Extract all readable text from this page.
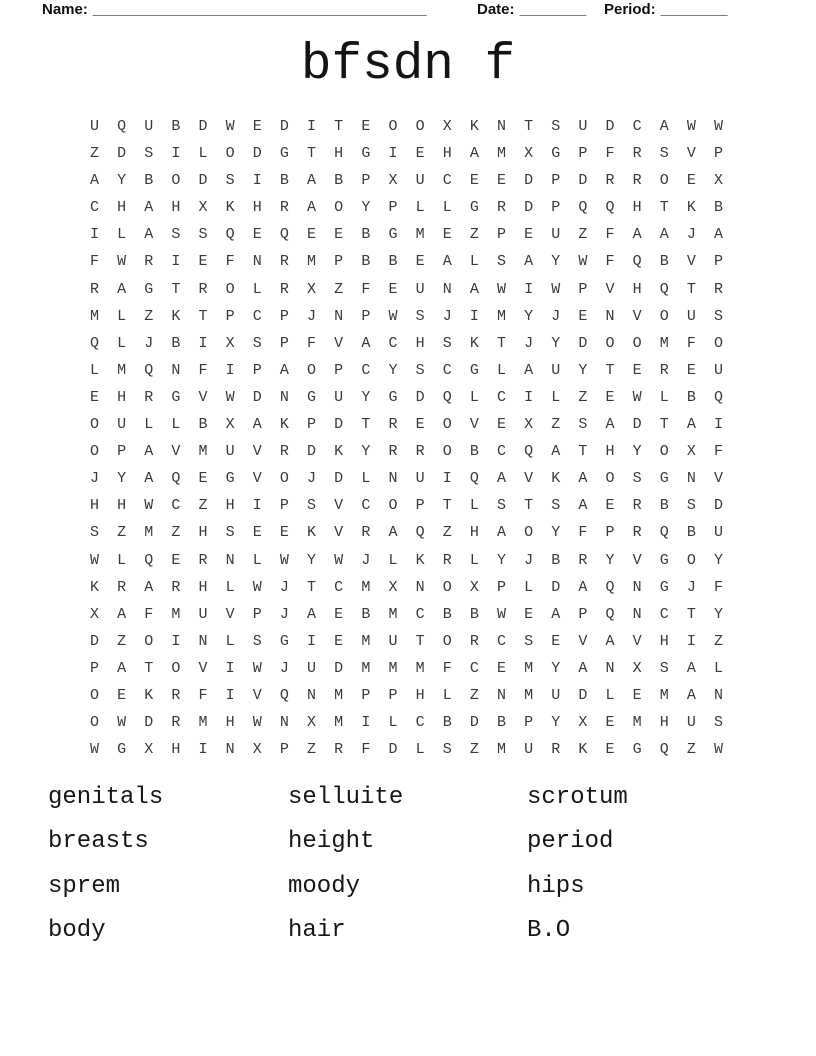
Name: ________________________________________	Date: ________ Period: ________
bfsdn f
UQUBDWEDITEOOXKNTSUDCAWW
ZDSILODGTHGIEHAMXGPFRSVP
AYBODSIBABPXUCEEDPDRROEX
CHAHXKHRAOYPLLGRDPQQHTKB
ILASSQEQEEBGMEZPEUZFAAJA
FWRIEFNRMPBBEALSAYWFQBVP
RAGTROLRXZFEUNAWIWPVHQTR
MLZKTPCPJNPWSJIMYJENVOUS
QLJBIXSPFVACHSKTJYDOOMFO
LMQNFIPAOPCYSCGLAUYTEREU
EHRGVWDNGUYGDQLCILZEWLBQ
OULLBXAKPDTREOVEXZSADTAI
OPAVMUVRDKYRROBCQATHYOXF
JYAQEGVOJDLNUIQAVKAOSGNV
HHWCZHIPSVCOPTLSTSAERBSD
SZMZHSEEKVRAQZHAOYFPRQBU
WLQERNLWYWJLKRLYJBRYVGOY
KRARHLWJTCMXNOXPLDAQNGJF
XAFMUVPJAEBMCBBWEAPQNCTY
DZOINLSGIEMUTORCSEVAVHIZ
PATOVIWJUDMMMFCEMYANXSAL
OEKRFIVQNMPPHLZNMUDLEMAN
OWDRMHWNXMILCBDBPYXEMHUS
WGXHINXPZRFDLSZMURKEGQZW
genitals	selluite	scrotum
breasts	height	period
sprem	moody	hips
body	hair	B.O
